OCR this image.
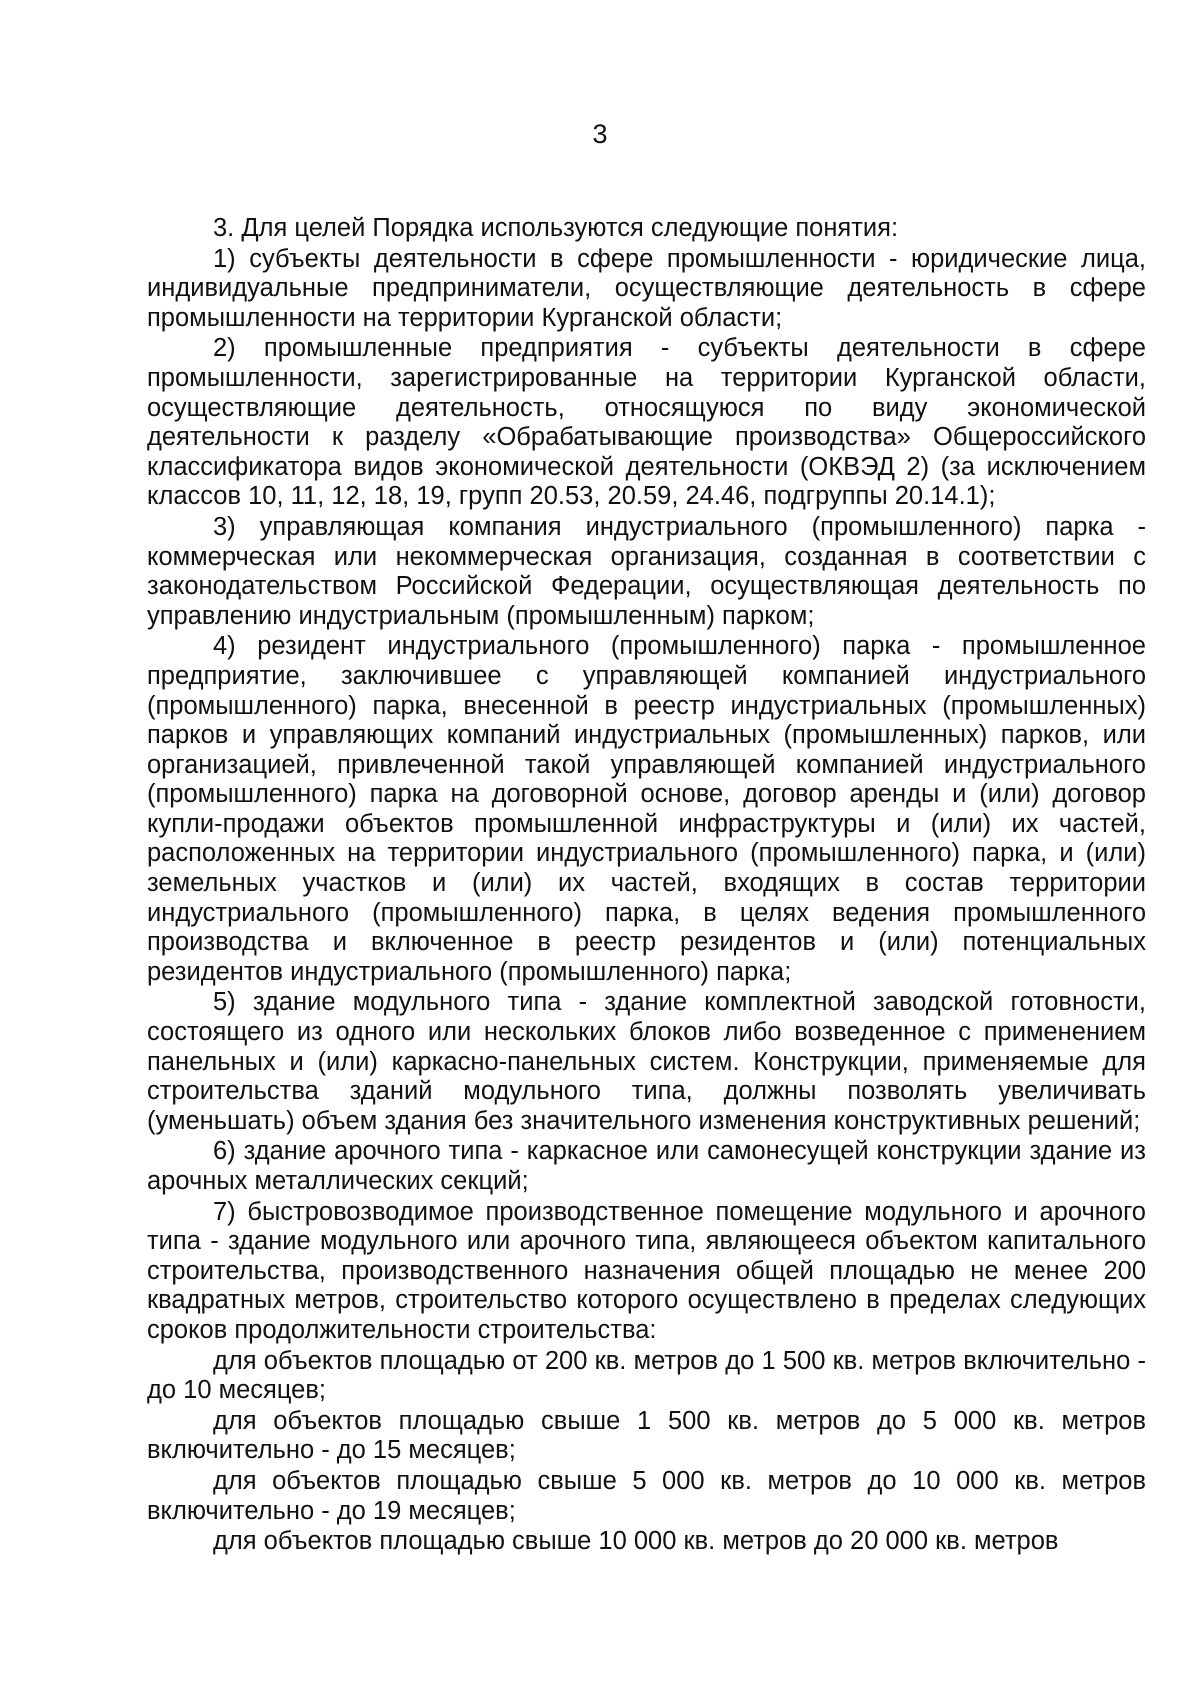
3

3. Для целей Порядка используются следующие понятия:

1) субъекты деятельности в сфере промышленности - юридические лица, индивидуальные предприниматели, осуществляющие деятельность в сфере промышленности на территории Курганской области;

2) промышленные предприятия - субъекты деятельности в сфере промышленности, зарегистрированные на территории Курганской области, осуществляющие деятельность, относящуюся по виду экономической деятельности к разделу «Обрабатывающие производства» Общероссийского классификатора видов экономической деятельности (ОКВЭД 2) (за исключением классов 10, 11, 12, 18, 19, групп 20.53, 20.59, 24.46, подгруппы 20.14.1);

3) управляющая компания индустриального (промышленного) парка - коммерческая или некоммерческая организация, созданная в соответствии с законодательством Российской Федерации, осуществляющая деятельность по управлению индустриальным (промышленным) парком;

4) резидент индустриального (промышленного) парка - промышленное предприятие, заключившее с управляющей компанией индустриального (промышленного) парка, внесенной в реестр индустриальных (промышленных) парков и управляющих компаний индустриальных (промышленных) парков, или организацией, привлеченной такой управляющей компанией индустриального (промышленного) парка на договорной основе, договор аренды и (или) договор купли-продажи объектов промышленной инфраструктуры и (или) их частей, расположенных на территории индустриального (промышленного) парка, и (или) земельных участков и (или) их частей, входящих в состав территории индустриального (промышленного) парка, в целях ведения промышленного производства и включенное в реестр резидентов и (или) потенциальных резидентов индустриального (промышленного) парка;

5) здание модульного типа - здание комплектной заводской готовности, состоящего из одного или нескольких блоков либо возведенное с применением панельных и (или) каркасно-панельных систем. Конструкции, применяемые для строительства зданий модульного типа, должны позволять увеличивать (уменьшать) объем здания без значительного изменения конструктивных решений;

6) здание арочного типа - каркасное или самонесущей конструкции здание из арочных металлических секций;

7) быстровозводимое производственное помещение модульного и арочного типа - здание модульного или арочного типа, являющееся объектом капитального строительства, производственного назначения общей площадью не менее 200 квадратных метров, строительство которого осуществлено в пределах следующих сроков продолжительности строительства:

для объектов площадью от 200 кв. метров до 1 500 кв. метров включительно - до 10 месяцев;

для объектов площадью свыше 1 500 кв. метров до 5 000 кв. метров включительно - до 15 месяцев;

для объектов площадью свыше 5 000 кв. метров до 10 000 кв. метров включительно - до 19 месяцев;

для объектов площадью свыше 10 000 кв. метров до 20 000 кв. метров
